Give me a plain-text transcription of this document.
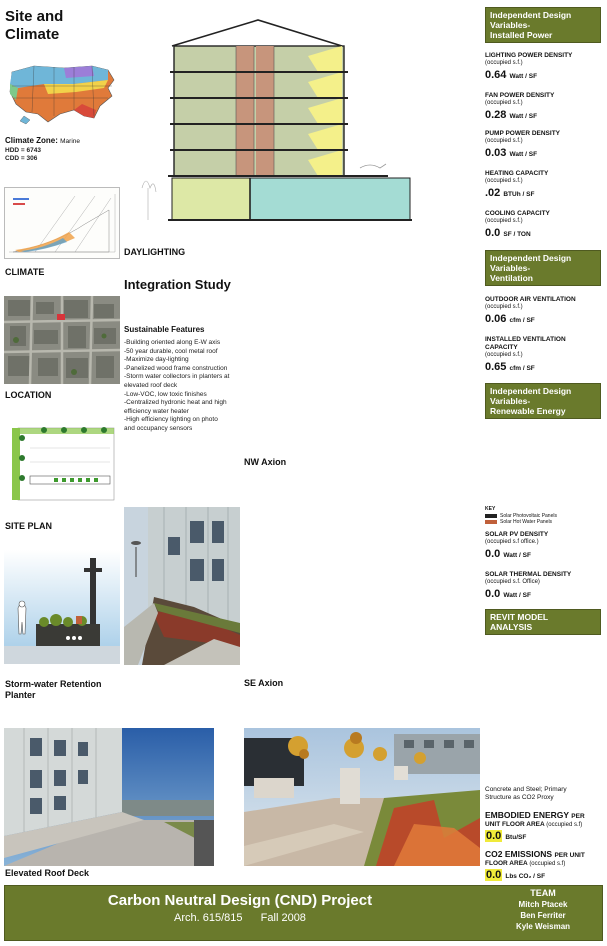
Site and
Climate
Climate Zone: Marine
HDD = 6743
CDD = 306
CLIMATE
LOCATION
SITE PLAN
Storm-water Retention
Planter
Elevated Roof Deck
DAYLIGHTING
Integration Study
Sustainable Features
-Building oriented along E-W axis
-50 year durable, cool metal roof
-Maximize day-lighting
-Panelized wood frame construction
-Storm water collectors in planters at
elevated roof deck
-Low-VOC, low toxic finishes
-Centralized hydronic heat and high
efficiency water heater
-High efficiency lighting on photo
and occupancy sensors
NW Axion
SE Axion
Independent Design
Variables-
Installed Power
LIGHTING POWER DENSITY
(occupied s.f.)
0.64 Watt / SF
FAN POWER DENSITY
(occupied s.f.)
0.28 Watt / SF
PUMP POWER DENSITY
(occupied s.f.)
0.03 Watt / SF
HEATING CAPACITY
(occupied s.f.)
.02 BTUh / SF
COOLING CAPACITY
(occupied s.f.)
0.0 SF / TON
Independent Design
Variables-
Ventilation
OUTDOOR AIR VENTILATION
(occupied s.f.)
0.06 cfm / SF
INSTALLED VENTILATION CAPACITY
(occupied s.f.)
0.65 cfm / SF
Independent Design
Variables-
Renewable Energy
KEY
Solar Photovoltaic Panels
Solar Hot Water Panels
SOLAR PV DENSITY
(occupied s.f office.)
0.0 Watt / SF
SOLAR THERMAL DENSITY
(occupied s.f. Office)
0.0 Watt / SF
REVIT MODEL
ANALYSIS
Concrete and Steel; Primary
Structure as CO2 Proxy
EMBODIED ENERGY PER
UNIT FLOOR AREA (occupied s.f)
0.0 Btu/SF
CO2 EMISSIONS PER UNIT
FLOOR AREA (occupied s.f)
0.0 Lbs CO₂ / SF
Carbon Neutral Design (CND) Project
Arch. 615/815 Fall 2008
TEAM
Mitch Ptacek
Ben Ferriter
Kyle Weisman
